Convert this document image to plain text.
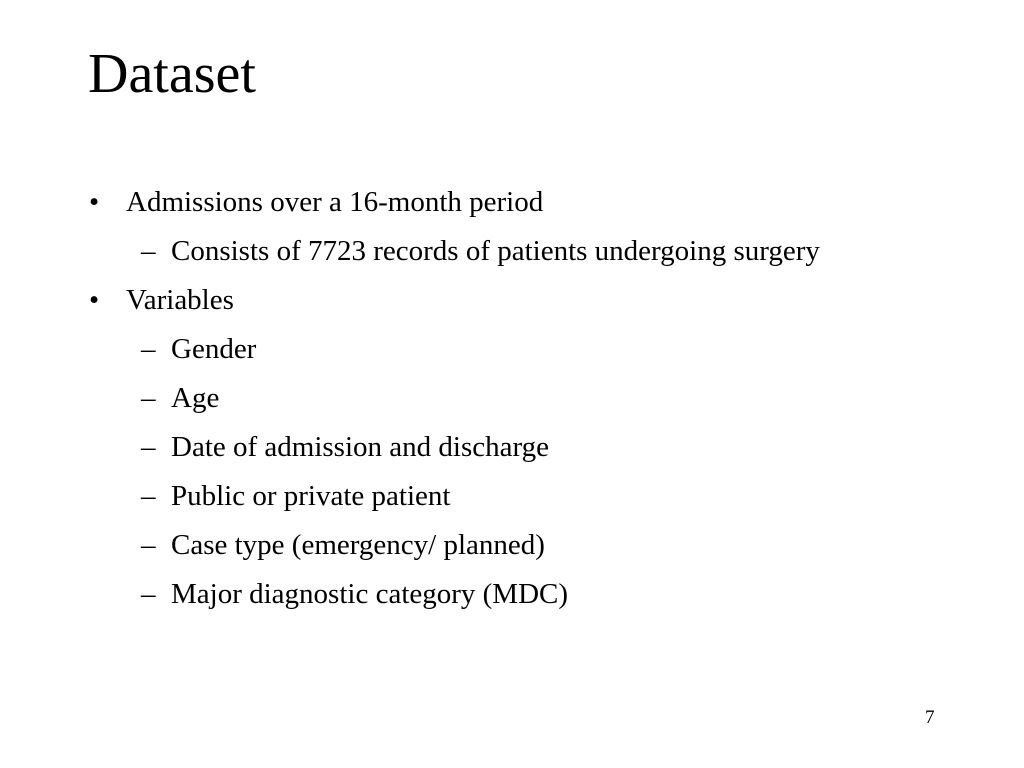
Dataset
• Admissions over a 16-month period
– Consists of 7723 records of patients undergoing surgery
• Variables
– Gender
– Age
– Date of admission and discharge
– Public or private patient
– Case type (emergency/ planned)
– Major diagnostic category (MDC)
7
